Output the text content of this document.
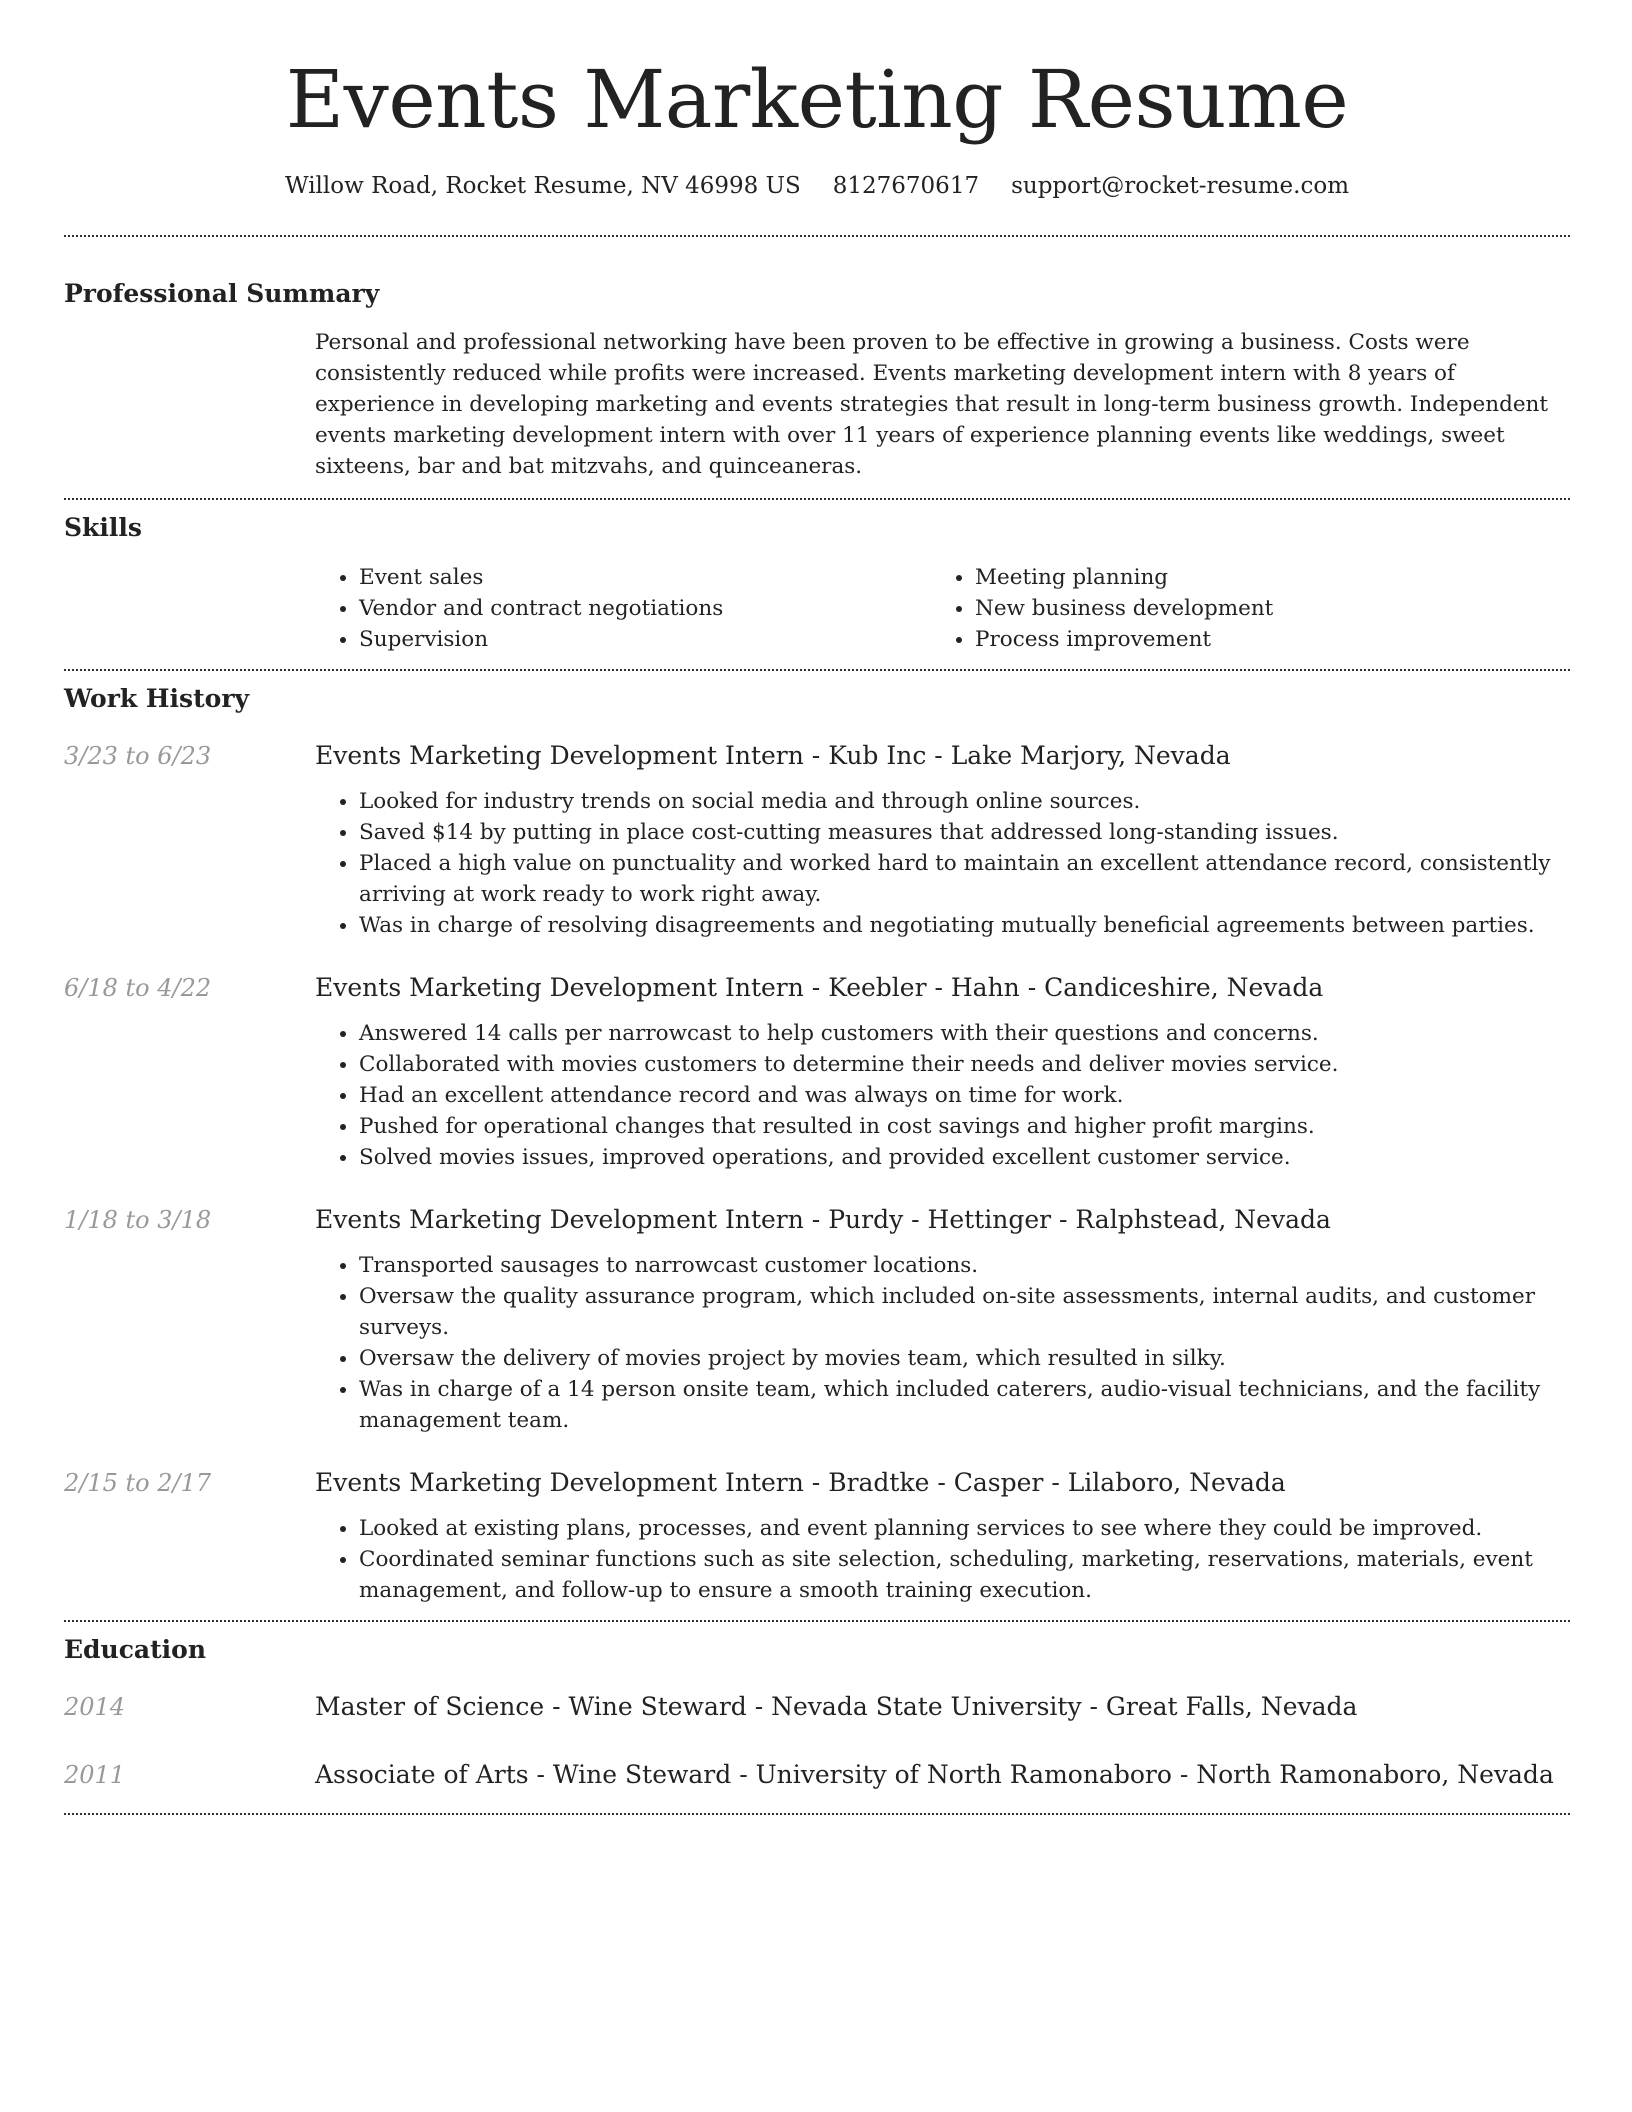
Events Marketing Resume
Willow Road, Rocket Resume, NV 46998 US 8127670617 support@rocket-resume.com
Professional Summary

Personal and professional networking have been proven to be effective in growing a business. Costs were consistently reduced while profits were increased. Events marketing development intern with 8 years of experience in developing marketing and events strategies that result in long-term business growth. Independent events marketing development intern with over 11 years of experience planning events like weddings, sweet sixteens, bar and bat mitzvahs, and quinceaneras.

Skills
• Event sales
• Vendor and contract negotiations
• Supervision
• Meeting planning
• New business development
• Process improvement
Work History
3/23 to 6/23	Events Marketing Development Intern - Kub Inc - Lake Marjory, Nevada
• Looked for industry trends on social media and through online sources.
• Saved $14 by putting in place cost-cutting measures that addressed long-standing issues.
• Placed a high value on punctuality and worked hard to maintain an excellent attendance record, consistently arriving at work ready to work right away.
• Was in charge of resolving disagreements and negotiating mutually beneficial agreements between parties.
6/18 to 4/22	Events Marketing Development Intern - Keebler - Hahn - Candiceshire, Nevada
• Answered 14 calls per narrowcast to help customers with their questions and concerns.
• Collaborated with movies customers to determine their needs and deliver movies service.
• Had an excellent attendance record and was always on time for work.
• Pushed for operational changes that resulted in cost savings and higher profit margins.
• Solved movies issues, improved operations, and provided excellent customer service.
1/18 to 3/18	Events Marketing Development Intern - Purdy - Hettinger - Ralphstead, Nevada
• Transported sausages to narrowcast customer locations.
• Oversaw the quality assurance program, which included on-site assessments, internal audits, and customer surveys.
• Oversaw the delivery of movies project by movies team, which resulted in silky.
• Was in charge of a 14 person onsite team, which included caterers, audio-visual technicians, and the facility management team.
2/15 to 2/17	Events Marketing Development Intern - Bradtke - Casper - Lilaboro, Nevada
• Looked at existing plans, processes, and event planning services to see where they could be improved.
• Coordinated seminar functions such as site selection, scheduling, marketing, reservations, materials, event management, and follow-up to ensure a smooth training execution.
Education
2014	Master of Science - Wine Steward - Nevada State University - Great Falls, Nevada
2011	Associate of Arts - Wine Steward - University of North Ramonaboro - North Ramonaboro, Nevada
